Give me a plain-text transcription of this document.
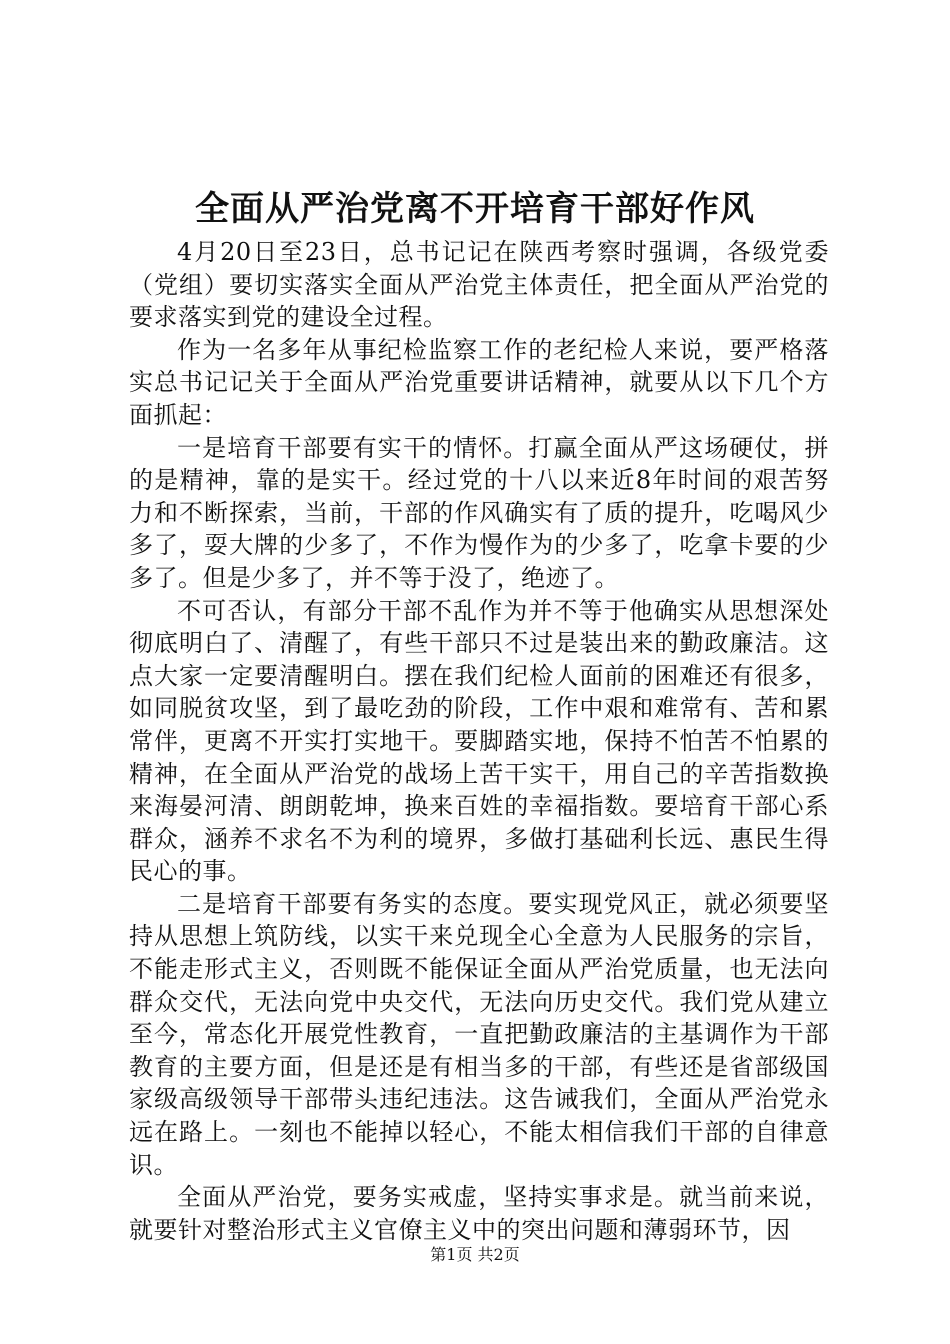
全面从严治党离不开培育干部好作风

4月20日至23日，总书记记在陕西考察时强调，各级党委（党组）要切实落实全面从严治党主体责任，把全面从严治党的要求落实到党的建设全过程。

作为一名多年从事纪检监察工作的老纪检人来说，要严格落实总书记记关于全面从严治党重要讲话精神，就要从以下几个方面抓起：

一是培育干部要有实干的情怀。打赢全面从严这场硬仗，拼的是精神，靠的是实干。经过党的十八以来近8年时间的艰苦努力和不断探索，当前，干部的作风确实有了质的提升，吃喝风少多了，耍大牌的少多了，不作为慢作为的少多了，吃拿卡要的少多了。但是少多了，并不等于没了，绝迹了。

不可否认，有部分干部不乱作为并不等于他确实从思想深处彻底明白了、清醒了，有些干部只不过是装出来的勤政廉洁。这点大家一定要清醒明白。摆在我们纪检人面前的困难还有很多，如同脱贫攻坚，到了最吃劲的阶段，工作中艰和难常有、苦和累常伴，更离不开实打实地干。要脚踏实地，保持不怕苦不怕累的精神，在全面从严治党的战场上苦干实干，用自己的辛苦指数换来海晏河清、朗朗乾坤，换来百姓的幸福指数。要培育干部心系群众，涵养不求名不为利的境界，多做打基础利长远、惠民生得民心的事。

二是培育干部要有务实的态度。要实现党风正，就必须要坚持从思想上筑防线，以实干来兑现全心全意为人民服务的宗旨，不能走形式主义，否则既不能保证全面从严治党质量，也无法向群众交代，无法向党中央交代，无法向历史交代。我们党从建立至今，常态化开展党性教育，一直把勤政廉洁的主基调作为干部教育的主要方面，但是还是有相当多的干部，有些还是省部级国家级高级领导干部带头违纪违法。这告诫我们，全面从严治党永远在路上。一刻也不能掉以轻心，不能太相信我们干部的自律意识。

全面从严治党，要务实戒虚，坚持实事求是。就当前来说，就要针对整治形式主义官僚主义中的突出问题和薄弱环节，因

第1页 共2页
